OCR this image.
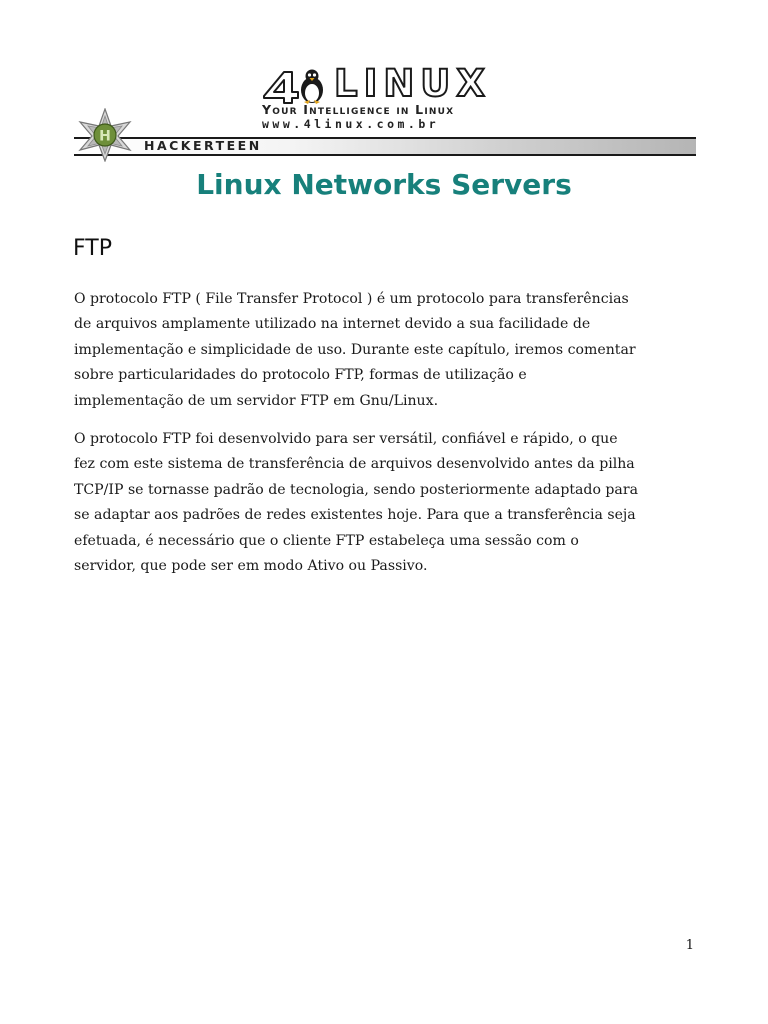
LINUX
Your Intelligence in Linux
www.4linux.com.br
HACKERTEEN
H
Linux Networks Servers
FTP

O protocolo FTP ( File Transfer Protocol ) é um protocolo para transferências
de arquivos amplamente utilizado na internet devido a sua facilidade de
implementação e simplicidade de uso. Durante este capítulo, iremos comentar
sobre particularidades do protocolo FTP, formas de utilização e
implementação de um servidor FTP em Gnu/Linux.

O protocolo FTP foi desenvolvido para ser versátil, confiável e rápido, o que
fez com este sistema de transferência de arquivos desenvolvido antes da pilha
TCP/IP se tornasse padrão de tecnologia, sendo posteriormente adaptado para
se adaptar aos padrões de redes existentes hoje. Para que a transferência seja
efetuada, é necessário que o cliente FTP estabeleça uma sessão com o
servidor, que pode ser em modo Ativo ou Passivo.

1
